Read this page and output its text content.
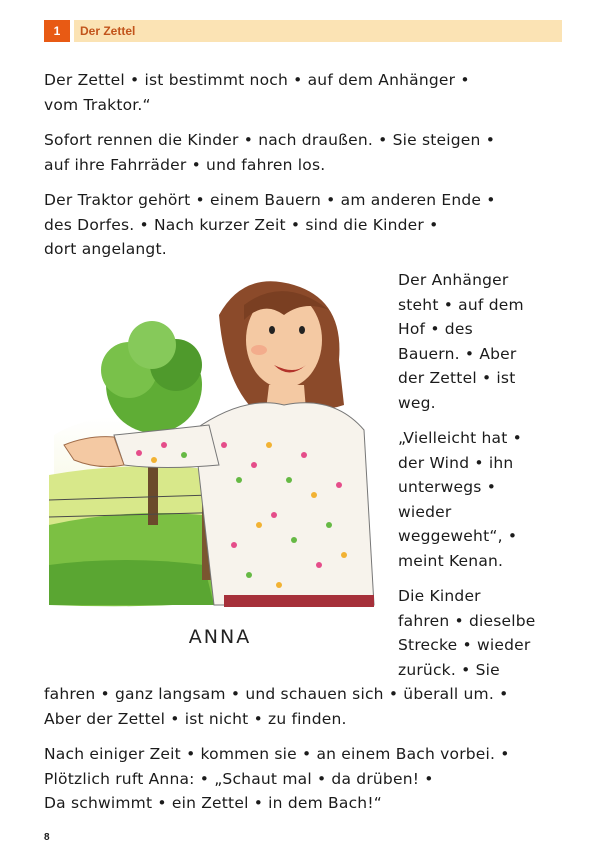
1	Der Zettel
Der Zettel • ist bestimmt noch • auf dem Anhänger •
vom Traktor.“
Sofort rennen die Kinder • nach draußen. • Sie steigen •
auf ihre Fahrräder • und fahren los.
Der Traktor gehört • einem Bauern • am anderen Ende •
des Dorfes. • Nach kurzer Zeit • sind die Kinder •
dort angelangt.
ANNA
Der Anhänger
steht • auf dem
Hof • des
Bauern. • Aber
der Zettel • ist
weg.
„Vielleicht hat •
der Wind • ihn
unterwegs •
wieder
weggeweht“, •
meint Kenan.
Die Kinder
fahren • dieselbe
Strecke • wieder
zurück. • Sie
fahren • ganz langsam • und schauen sich • überall um. •
Aber der Zettel • ist nicht • zu finden.
Nach einiger Zeit • kommen sie • an einem Bach vorbei. •
Plötzlich ruft Anna: • „Schaut mal • da drüben! •
Da schwimmt • ein Zettel • in dem Bach!“
8
